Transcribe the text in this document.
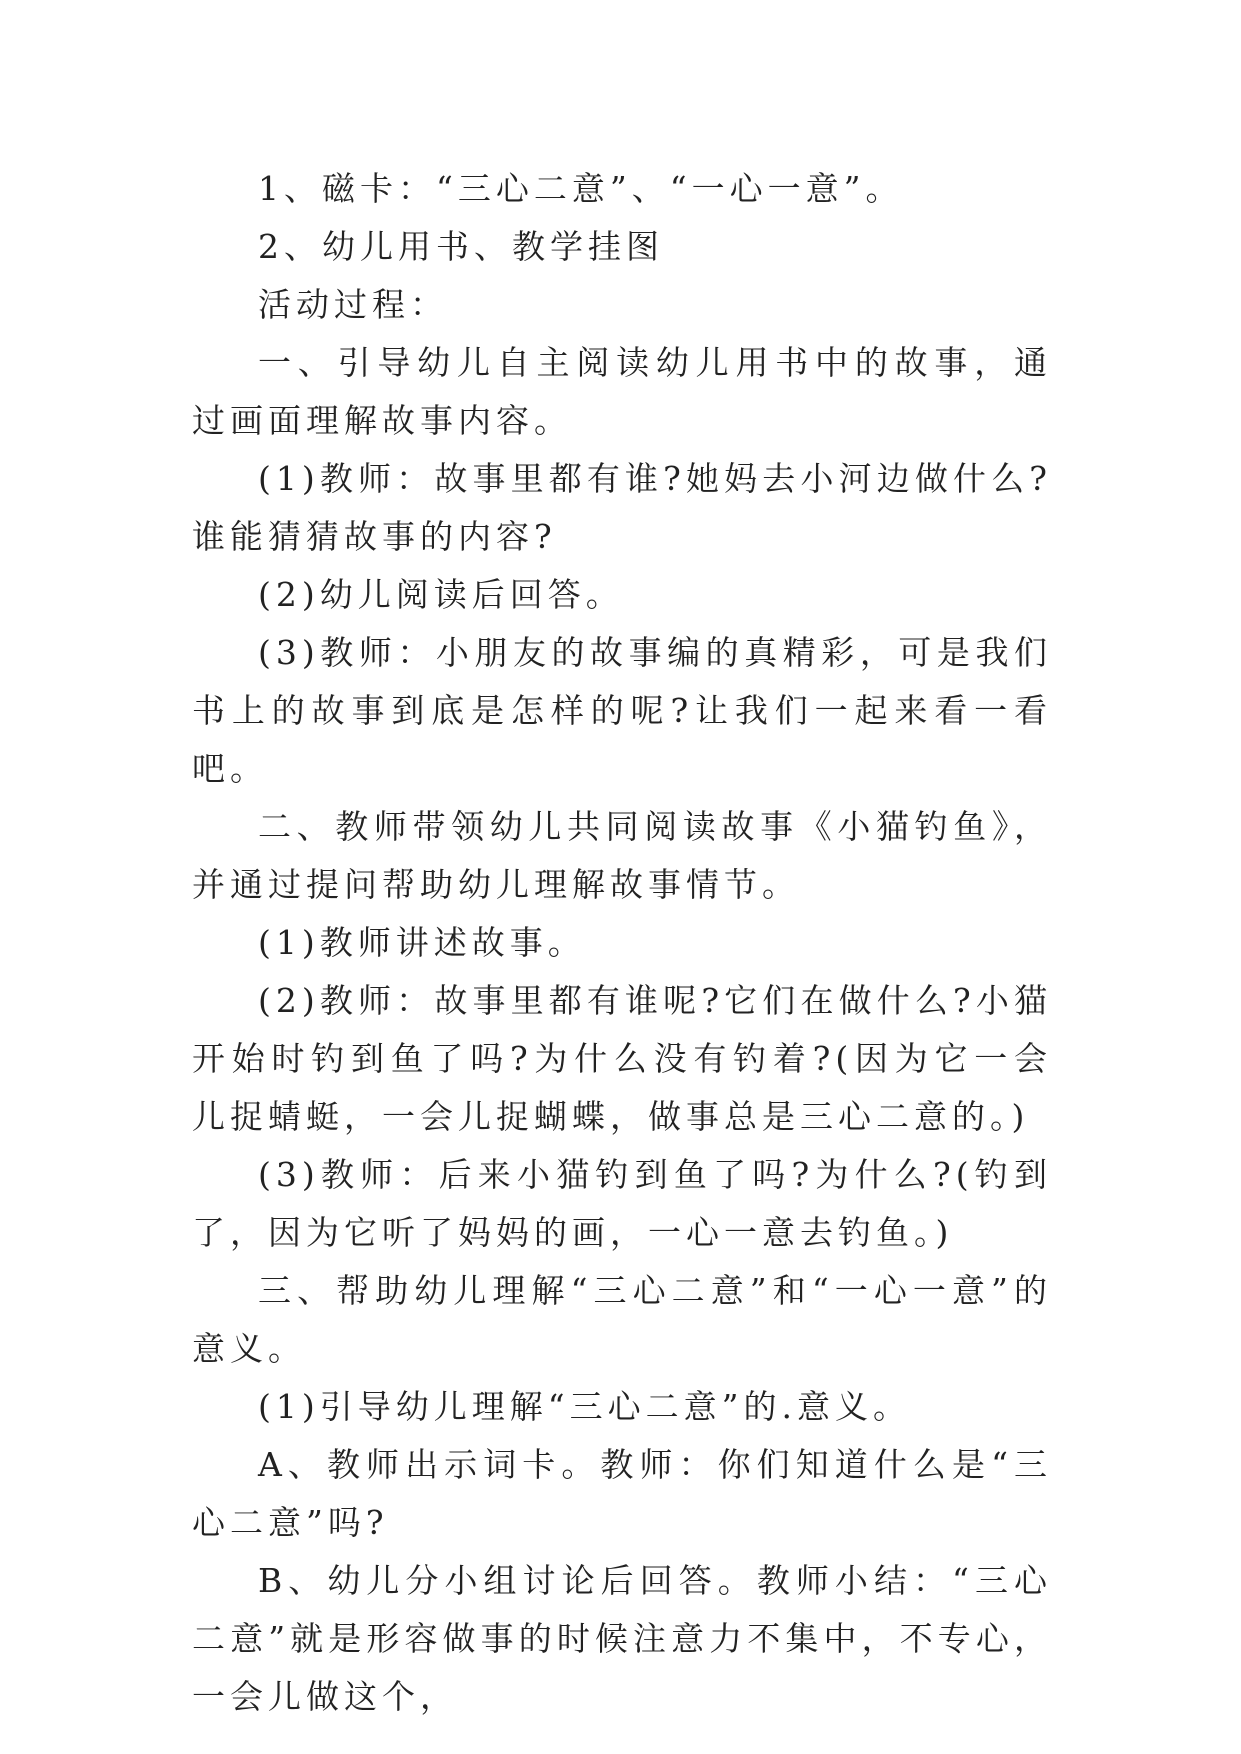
1、磁卡：“三心二意”、“一心一意”。

2、幼儿用书、教学挂图

活动过程：

一、引导幼儿自主阅读幼儿用书中的故事，通过画面理解故事内容。

(1)教师：故事里都有谁?她妈去小河边做什么?谁能猜猜故事的内容?

(2)幼儿阅读后回答。

(3)教师：小朋友的故事编的真精彩，可是我们书上的故事到底是怎样的呢?让我们一起来看一看吧。

二、教师带领幼儿共同阅读故事《小猫钓鱼》，并通过提问帮助幼儿理解故事情节。

(1)教师讲述故事。

(2)教师：故事里都有谁呢?它们在做什么?小猫开始时钓到鱼了吗?为什么没有钓着?(因为它一会儿捉蜻蜓，一会儿捉蝴蝶，做事总是三心二意的。)

(3)教师：后来小猫钓到鱼了吗?为什么?(钓到了，因为它听了妈妈的画，一心一意去钓鱼。)

三、帮助幼儿理解“三心二意”和“一心一意”的意义。

(1)引导幼儿理解“三心二意”的.意义。

A、教师出示词卡。教师：你们知道什么是“三心二意”吗?

B、幼儿分小组讨论后回答。教师小结：“三心二意”就是形容做事的时候注意力不集中，不专心，一会儿做这个，
